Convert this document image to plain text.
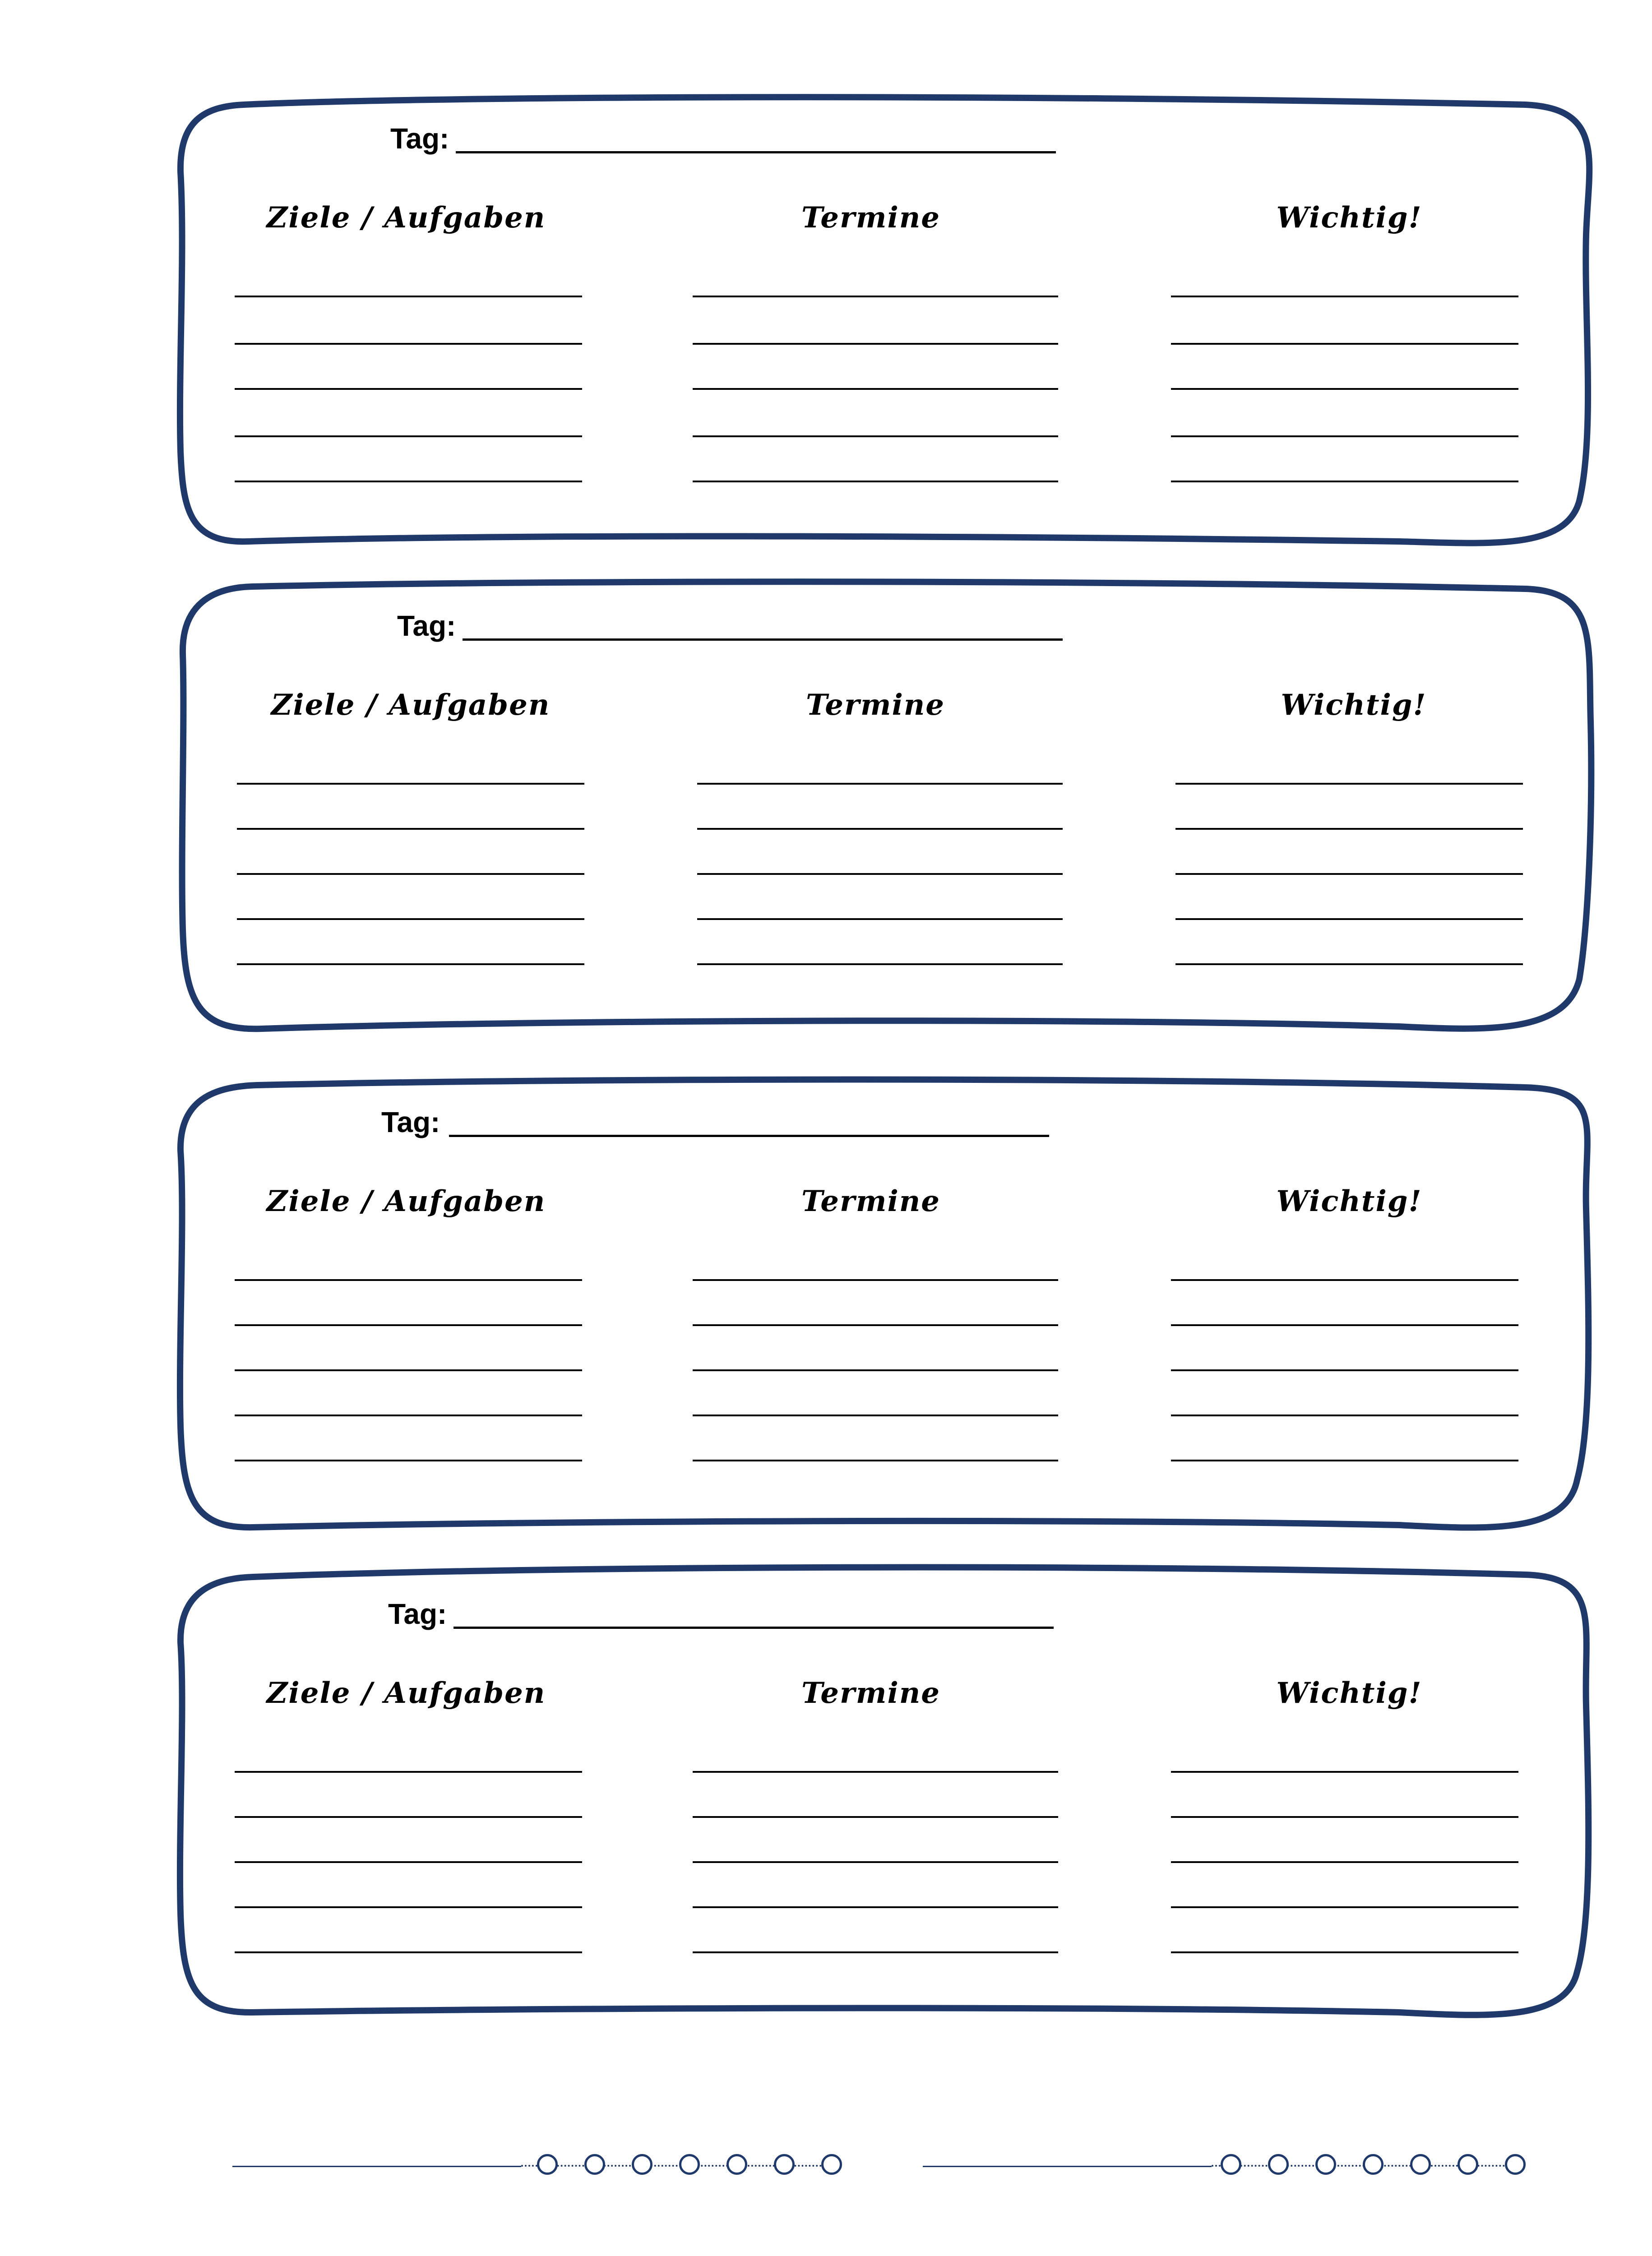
Tag:
Ziele / Aufgaben	Termine	Wichtig!
Tag:
Ziele / Aufgaben	Termine	Wichtig!
Tag:
Ziele / Aufgaben	Termine	Wichtig!
Tag:
Ziele / Aufgaben	Termine	Wichtig!
